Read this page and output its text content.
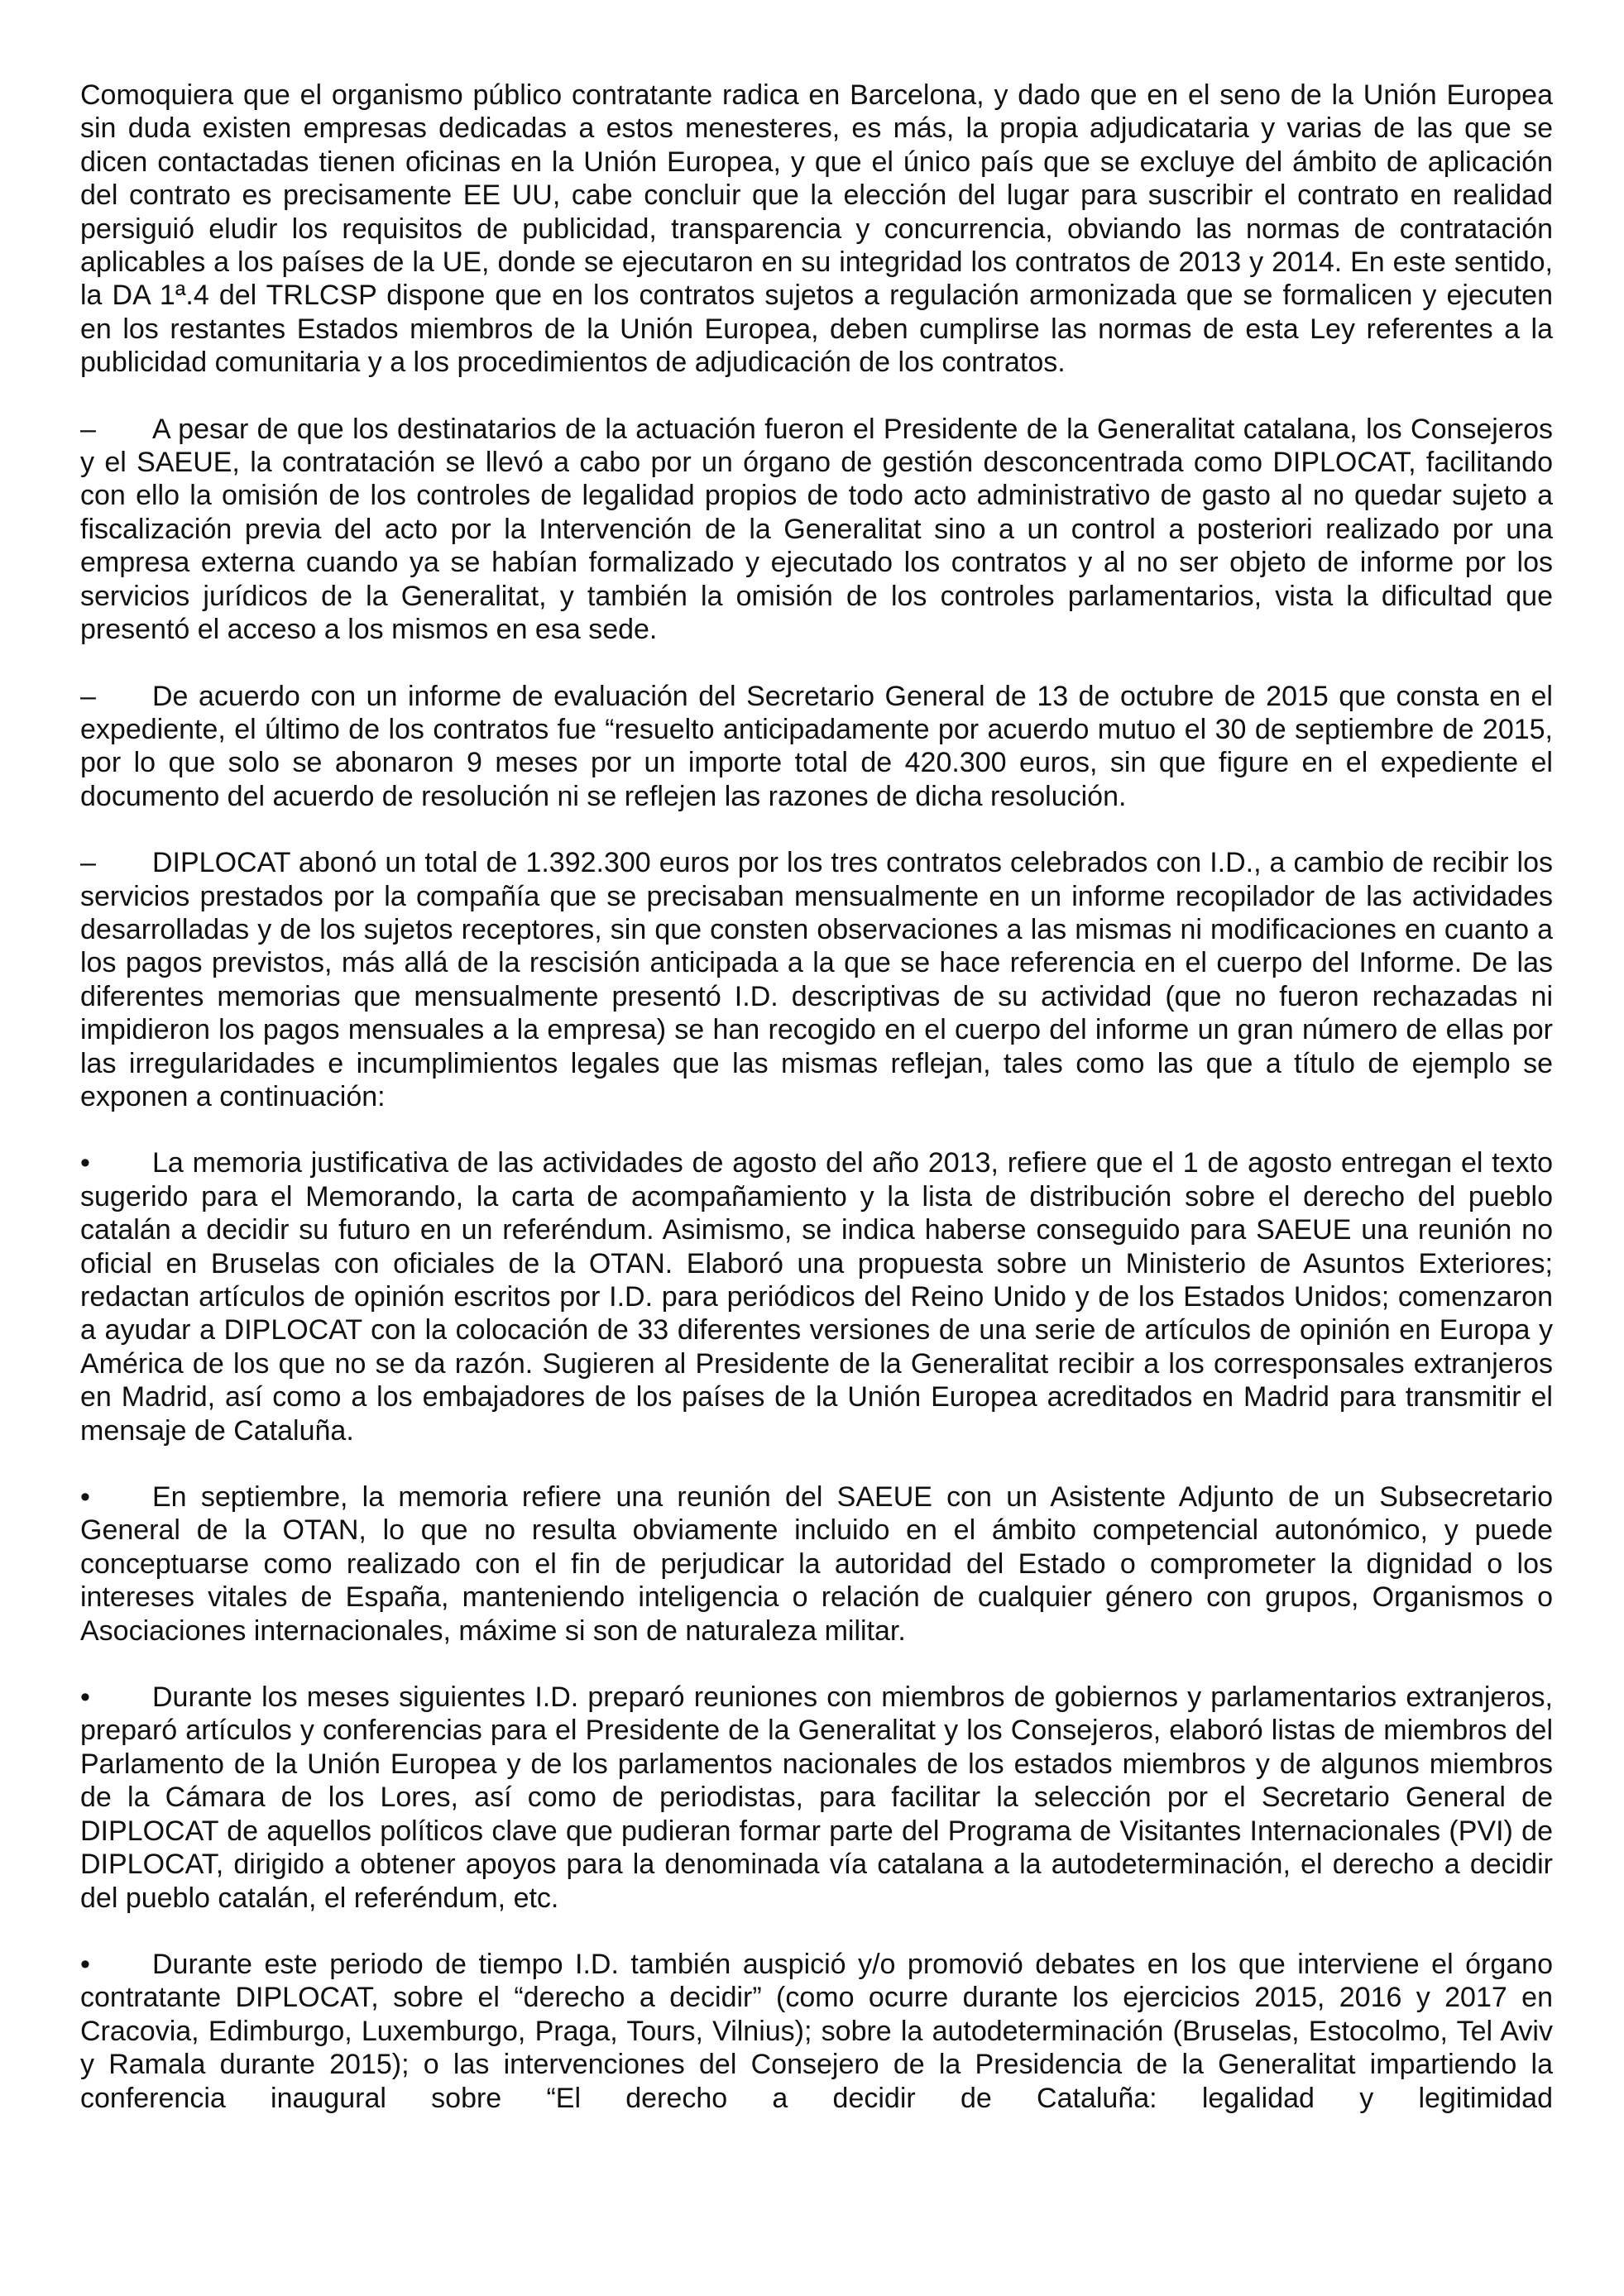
Comoquiera que el organismo público contratante radica en Barcelona, y dado que en el seno de la Unión Europea sin duda existen empresas dedicadas a estos menesteres, es más, la propia adjudicataria y varias de las que se dicen contactadas tienen oficinas en la Unión Europea, y que el único país que se excluye del ámbito de aplicación del contrato es precisamente EE UU, cabe concluir que la elección del lugar para suscribir el contrato en realidad persiguió eludir los requisitos de publicidad, transparencia y concurrencia, obviando las normas de contratación aplicables a los países de la UE, donde se ejecutaron en su integridad los contratos de 2013 y 2014. En este sentido, la DA 1ª.4 del TRLCSP dispone que en los contratos sujetos a regulación armonizada que se formalicen y ejecuten en los restantes Estados miembros de la Unión Europea, deben cumplirse las normas de esta Ley referentes a la publicidad comunitaria y a los procedimientos de adjudicación de los contratos.

– A pesar de que los destinatarios de la actuación fueron el Presidente de la Generalitat catalana, los Consejeros y el SAEUE, la contratación se llevó a cabo por un órgano de gestión desconcentrada como DIPLOCAT, facilitando con ello la omisión de los controles de legalidad propios de todo acto administrativo de gasto al no quedar sujeto a fiscalización previa del acto por la Intervención de la Generalitat sino a un control a posteriori realizado por una empresa externa cuando ya se habían formalizado y ejecutado los contratos y al no ser objeto de informe por los servicios jurídicos de la Generalitat, y también la omisión de los controles parlamentarios, vista la dificultad que presentó el acceso a los mismos en esa sede.
– De acuerdo con un informe de evaluación del Secretario General de 13 de octubre de 2015 que consta en el expediente, el último de los contratos fue “resuelto anticipadamente por acuerdo mutuo el 30 de septiembre de 2015, por lo que solo se abonaron 9 meses por un importe total de 420.300 euros, sin que figure en el expediente el documento del acuerdo de resolución ni se reflejen las razones de dicha resolución.
– DIPLOCAT abonó un total de 1.392.300 euros por los tres contratos celebrados con I.D., a cambio de recibir los servicios prestados por la compañía que se precisaban mensualmente en un informe recopilador de las actividades desarrolladas y de los sujetos receptores, sin que consten observaciones a las mismas ni modificaciones en cuanto a los pagos previstos, más allá de la rescisión anticipada a la que se hace referencia en el cuerpo del Informe. De las diferentes memorias que mensualmente presentó I.D. descriptivas de su actividad (que no fueron rechazadas ni impidieron los pagos mensuales a la empresa) se han recogido en el cuerpo del informe un gran número de ellas por las irregularidades e incumplimientos legales que las mismas reflejan, tales como las que a título de ejemplo se exponen a continuación:
• La memoria justificativa de las actividades de agosto del año 2013, refiere que el 1 de agosto entregan el texto sugerido para el Memorando, la carta de acompañamiento y la lista de distribución sobre el derecho del pueblo catalán a decidir su futuro en un referéndum. Asimismo, se indica haberse conseguido para SAEUE una reunión no oficial en Bruselas con oficiales de la OTAN. Elaboró una propuesta sobre un Ministerio de Asuntos Exteriores; redactan artículos de opinión escritos por I.D. para periódicos del Reino Unido y de los Estados Unidos; comenzaron a ayudar a DIPLOCAT con la colocación de 33 diferentes versiones de una serie de artículos de opinión en Europa y América de los que no se da razón. Sugieren al Presidente de la Generalitat recibir a los corresponsales extranjeros en Madrid, así como a los embajadores de los países de la Unión Europea acreditados en Madrid para transmitir el mensaje de Cataluña.
• En septiembre, la memoria refiere una reunión del SAEUE con un Asistente Adjunto de un Subsecretario General de la OTAN, lo que no resulta obviamente incluido en el ámbito competencial autonómico, y puede conceptuarse como realizado con el fin de perjudicar la autoridad del Estado o comprometer la dignidad o los intereses vitales de España, manteniendo inteligencia o relación de cualquier género con grupos, Organismos o Asociaciones internacionales, máxime si son de naturaleza militar.
• Durante los meses siguientes I.D. preparó reuniones con miembros de gobiernos y parlamentarios extranjeros, preparó artículos y conferencias para el Presidente de la Generalitat y los Consejeros, elaboró listas de miembros del Parlamento de la Unión Europea y de los parlamentos nacionales de los estados miembros y de algunos miembros de la Cámara de los Lores, así como de periodistas, para facilitar la selección por el Secretario General de DIPLOCAT de aquellos políticos clave que pudieran formar parte del Programa de Visitantes Internacionales (PVI) de DIPLOCAT, dirigido a obtener apoyos para la denominada vía catalana a la autodeterminación, el derecho a decidir del pueblo catalán, el referéndum, etc.
• Durante este periodo de tiempo I.D. también auspició y/o promovió debates en los que interviene el órgano contratante DIPLOCAT, sobre el “derecho a decidir” (como ocurre durante los ejercicios 2015, 2016 y 2017 en Cracovia, Edimburgo, Luxemburgo, Praga, Tours, Vilnius); sobre la autodeterminación (Bruselas, Estocolmo, Tel Aviv y Ramala durante 2015); o las intervenciones del Consejero de la Presidencia de la Generalitat impartiendo la conferencia inaugural sobre “El derecho a decidir de Cataluña: legalidad y legitimidad
